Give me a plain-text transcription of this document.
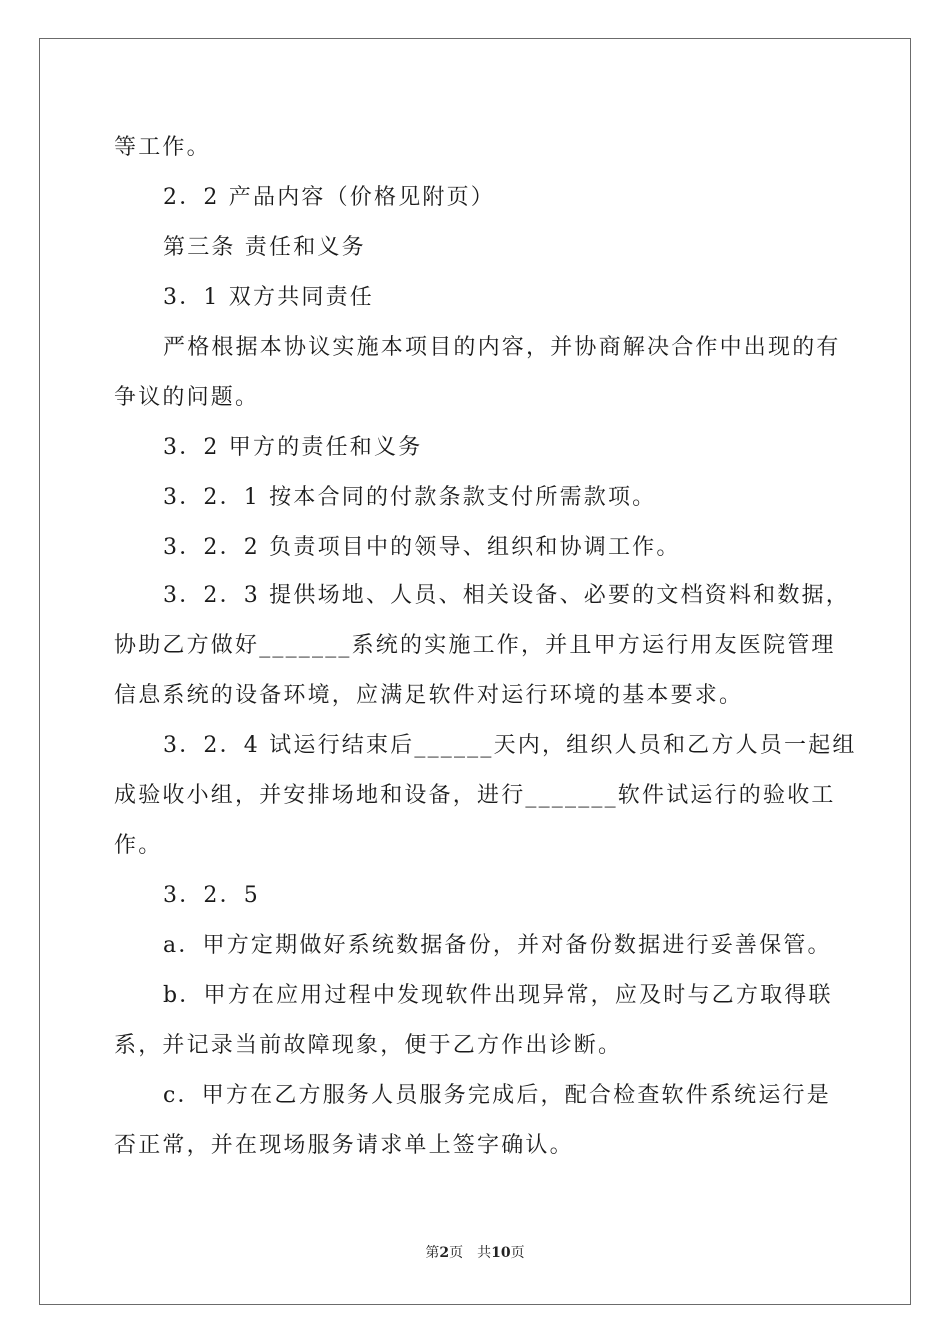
等工作。
2．2 产品内容（价格见附页）
第三条 责任和义务
3．1 双方共同责任
严格根据本协议实施本项目的内容，并协商解决合作中出现的有
争议的问题。
3．2 甲方的责任和义务
3．2．1 按本合同的付款条款支付所需款项。
3．2．2 负责项目中的领导、组织和协调工作。
3．2．3 提供场地、人员、相关设备、必要的文档资料和数据，
协助乙方做好_______系统的实施工作，并且甲方运行用友医院管理
信息系统的设备环境，应满足软件对运行环境的基本要求。
3．2．4 试运行结束后______天内，组织人员和乙方人员一起组
成验收小组，并安排场地和设备，进行_______软件试运行的验收工
作。
3．2．5
a．甲方定期做好系统数据备份，并对备份数据进行妥善保管。
b．甲方在应用过程中发现软件出现异常，应及时与乙方取得联
系，并记录当前故障现象，便于乙方作出诊断。
c．甲方在乙方服务人员服务完成后，配合检查软件系统运行是
否正常，并在现场服务请求单上签字确认。
第2页　共10页
